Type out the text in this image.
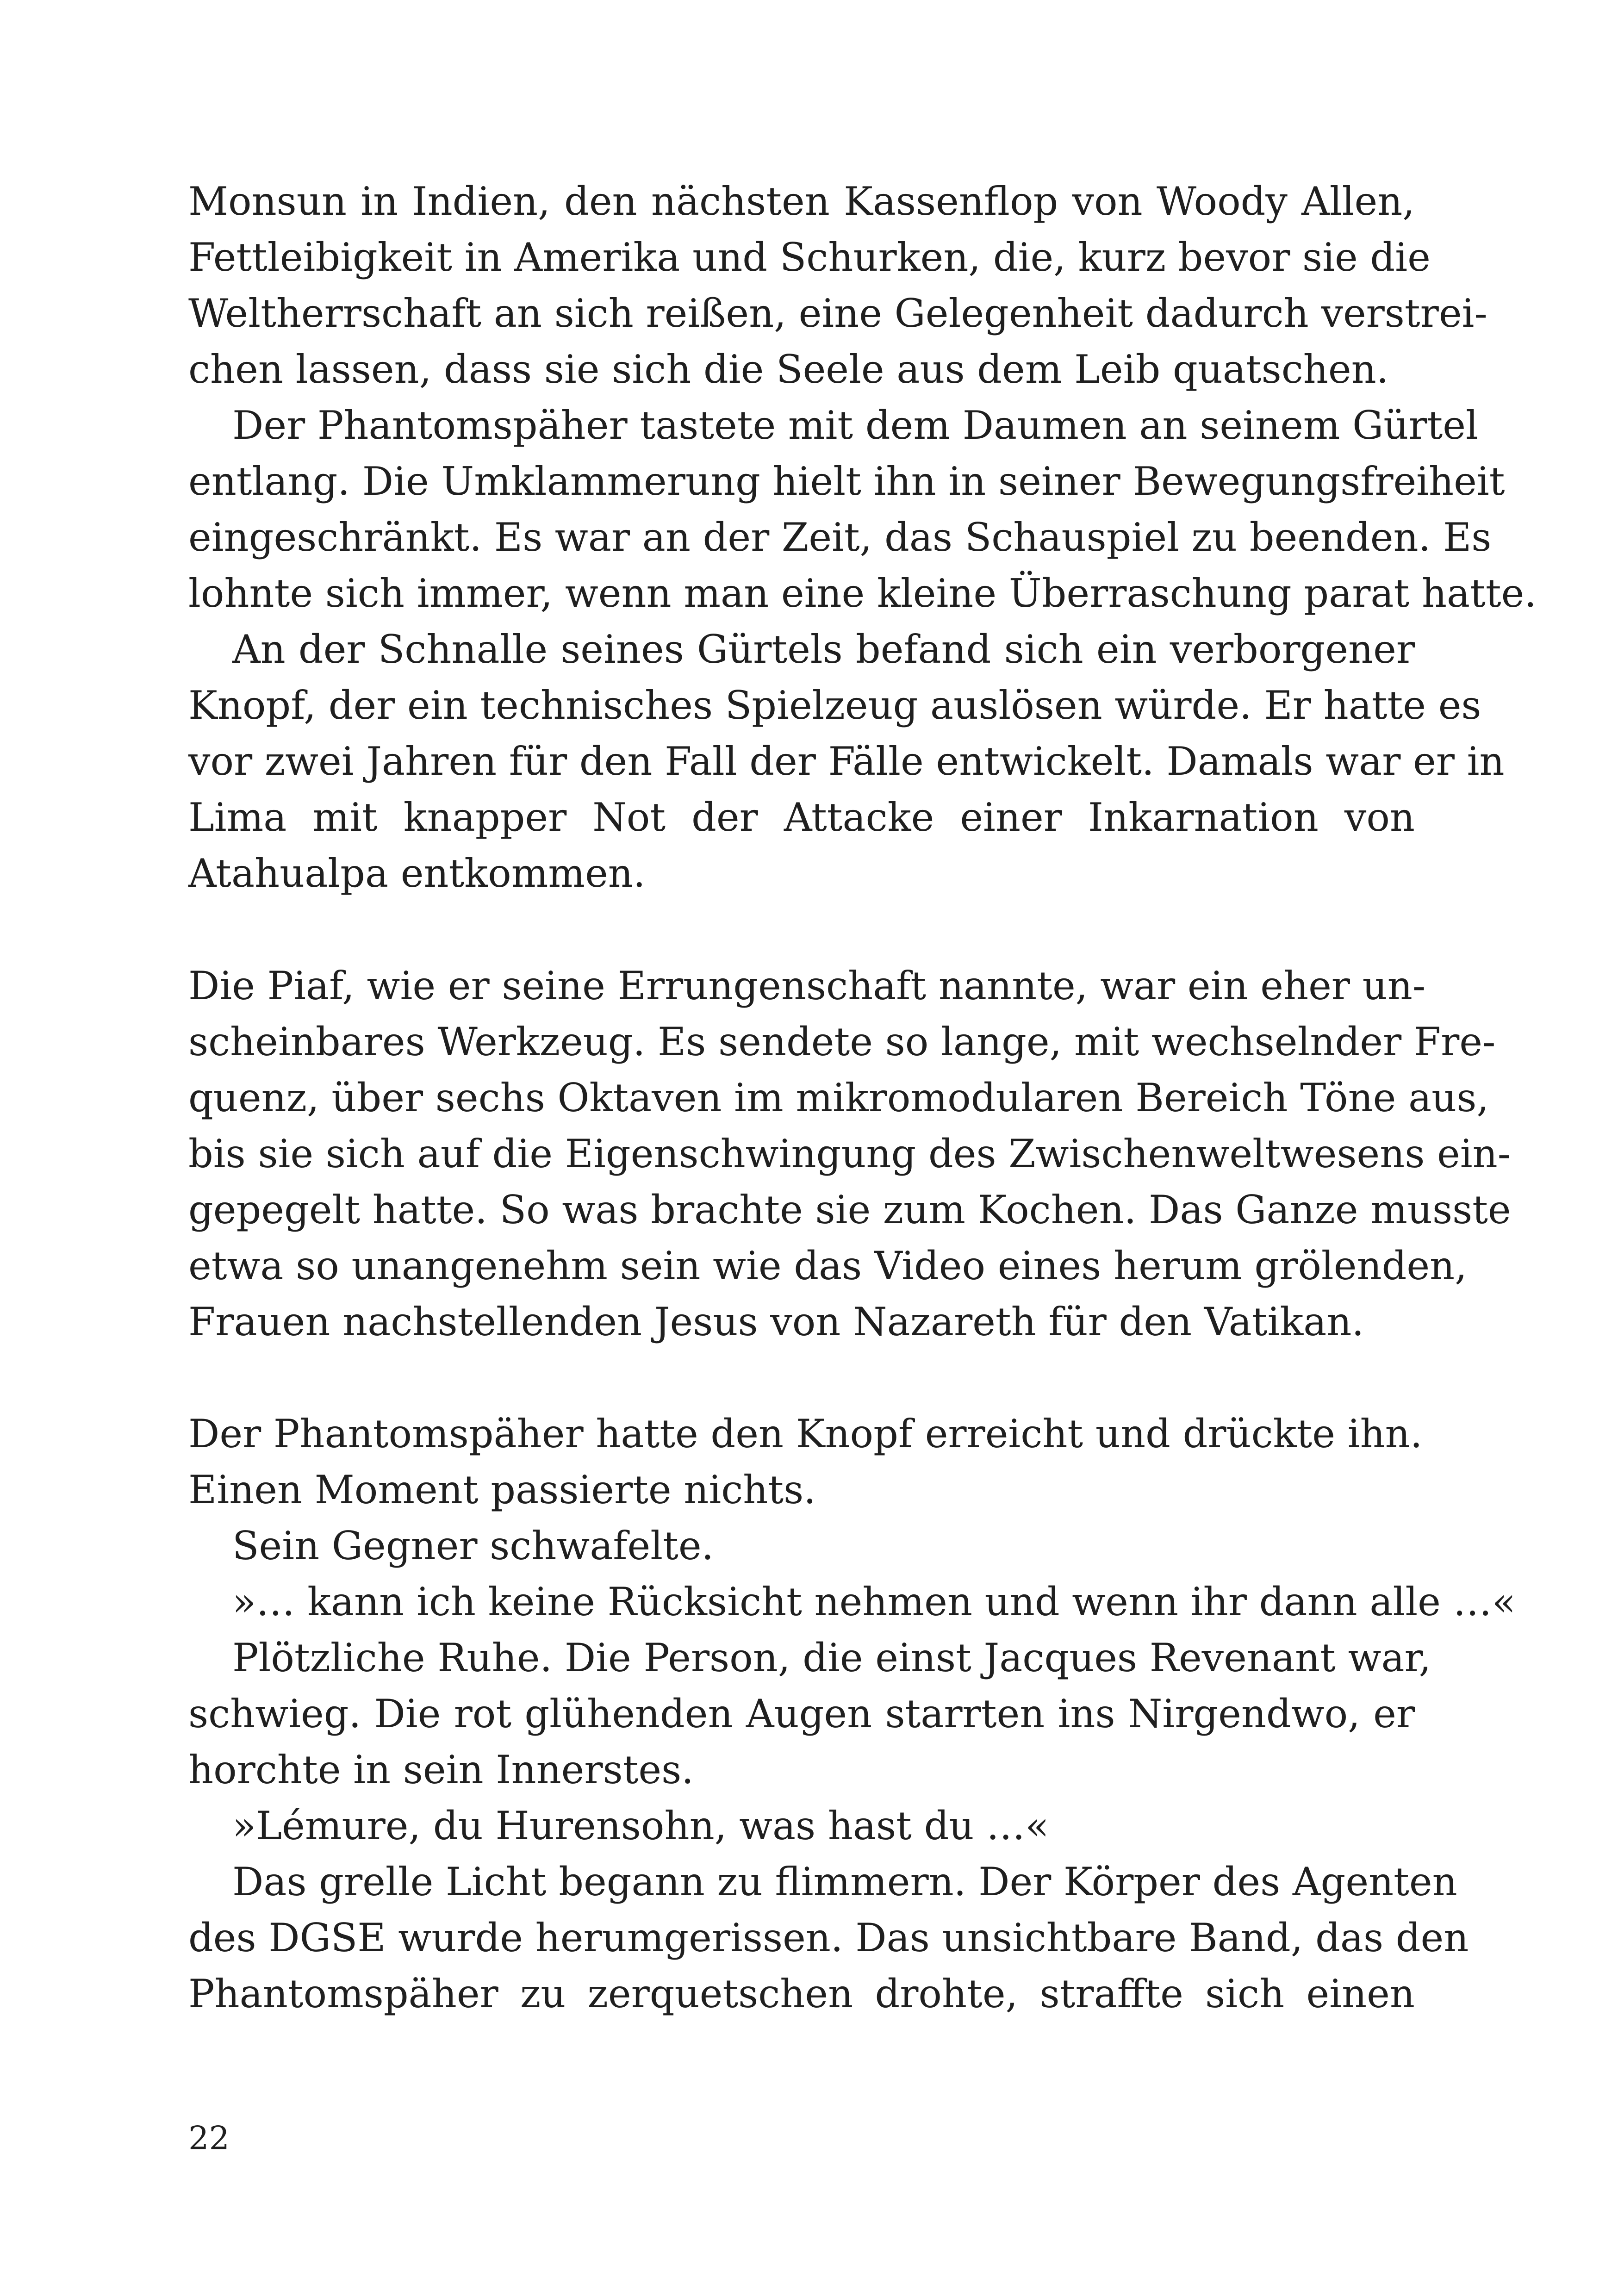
Monsun in Indien, den nächsten Kassenflop von Woody Allen,
Fettleibigkeit in Amerika und Schurken, die, kurz bevor sie die
Weltherrschaft an sich reißen, eine Gelegenheit dadurch verstrei-
chen lassen, dass sie sich die Seele aus dem Leib quatschen.
Der Phantomspäher tastete mit dem Daumen an seinem Gürtel
entlang. Die Umklammerung hielt ihn in seiner Bewegungsfreiheit
eingeschränkt. Es war an der Zeit, das Schauspiel zu beenden. Es
lohnte sich immer, wenn man eine kleine Überraschung parat hatte.
An der Schnalle seines Gürtels befand sich ein verborgener
Knopf, der ein technisches Spielzeug auslösen würde. Er hatte es
vor zwei Jahren für den Fall der Fälle entwickelt. Damals war er in
Lima mit knapper Not der Attacke einer Inkarnation von
Atahualpa entkommen.
Die Piaf, wie er seine Errungenschaft nannte, war ein eher un-
scheinbares Werkzeug. Es sendete so lange, mit wechselnder Fre-
quenz, über sechs Oktaven im mikromodularen Bereich Töne aus,
bis sie sich auf die Eigenschwingung des Zwischenweltwesens ein-
gepegelt hatte. So was brachte sie zum Kochen. Das Ganze musste
etwa so unangenehm sein wie das Video eines herum grölenden,
Frauen nachstellenden Jesus von Nazareth für den Vatikan.
Der Phantomspäher hatte den Knopf erreicht und drückte ihn.
Einen Moment passierte nichts.
Sein Gegner schwafelte.
»… kann ich keine Rücksicht nehmen und wenn ihr dann alle …«
Plötzliche Ruhe. Die Person, die einst Jacques Revenant war,
schwieg. Die rot glühenden Augen starrten ins Nirgendwo, er
horchte in sein Innerstes.
»Lémure, du Hurensohn, was hast du …«
Das grelle Licht begann zu flimmern. Der Körper des Agenten
des DGSE wurde herumgerissen. Das unsichtbare Band, das den
Phantomspäher zu zerquetschen drohte, straffte sich einen
22
